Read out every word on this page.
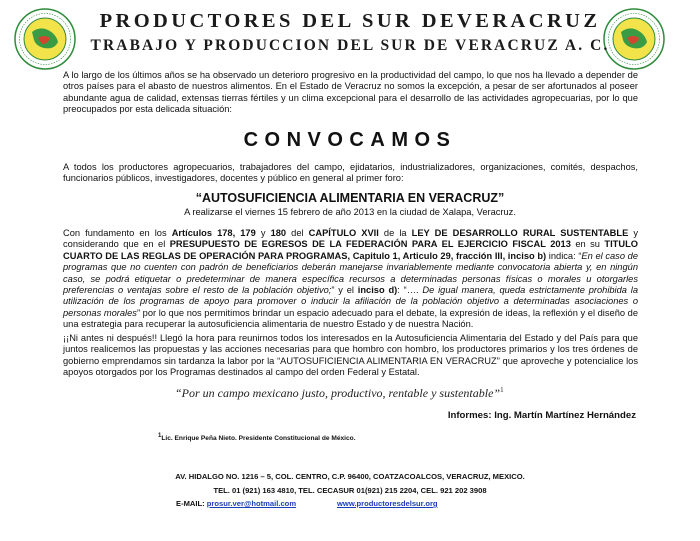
PRODUCTORES DEL SUR DEVERACRUZ
TRABAJO Y PRODUCCION DEL SUR DE VERACRUZ A. C.

A lo largo de los últimos años se ha observado un deterioro progresivo en la productividad del campo, lo que nos ha llevado a depender de otros países para el abasto de nuestros alimentos. En el Estado de Veracruz no somos la excepción, a pesar de ser afortunados al poseer abundante agua de calidad, extensas tierras fértiles y un clima excepcional para el desarrollo de las actividades agropecuarias, por lo que preocupados por esta delicada situación:

CONVOCAMOS

A todos los productores agropecuarios, trabajadores del campo, ejidatarios, industrializadores, organizaciones, comités, despachos, funcionarios públicos, investigadores, docentes y público en general al primer foro:

“AUTOSUFICIENCIA ALIMENTARIA EN VERACRUZ”
A realizarse el viernes 15 febrero de año 2013 en la ciudad de Xalapa, Veracruz.

Con fundamento en los Artículos 178, 179 y 180 del CAPÍTULO XVII de la LEY DE DESARROLLO RURAL SUSTENTABLE y considerando que en el PRESUPUESTO DE EGRESOS DE LA FEDERACIÓN PARA EL EJERCICIO FISCAL 2013 en su TITULO CUARTO DE LAS REGLAS DE OPERACIÓN PARA PROGRAMAS, Capitulo 1, Articulo 29, fracción III, inciso b) indica: “En el caso de programas que no cuenten con padrón de beneficiarios deberán manejarse invariablemente mediante convocatoria abierta y, en ningún caso, se podrá etiquetar o predeterminar de manera específica recursos a determinadas personas físicas o morales u otorgarles preferencias o ventajas sobre el resto de la población objetivo;” y el inciso d): “…. De igual manera, queda estrictamente prohibida la utilización de los programas de apoyo para promover o inducir la afiliación de la población objetivo a determinadas asociaciones o personas morales” por lo que nos permitimos brindar un espacio adecuado para el debate, la expresión de ideas, la reflexión y el diseño de una estrategia para recuperar la autosuficiencia alimentaria de nuestro Estado y de nuestra Nación.

¡¡Ni antes ni después!! Llegó la hora para reunirnos todos los interesados en la Autosuficiencia Alimentaria del Estado y del País para que juntos realicemos las propuestas y las acciones necesarias para que hombro con hombro, los productores primarios y los tres órdenes de gobierno emprendamos sin tardanza la labor por la “AUTOSUFICIENCIA ALIMENTARIA EN VERACRUZ” que aproveche y potencialice los apoyos otorgados por los Programas destinados al campo del orden Federal y Estatal.

“Por un campo mexicano justo, productivo, rentable y sustentable”$^1$
Informes: Ing. Martín Martínez Hernández
$^1$Lic. Enrique Peña Nieto. Presidente Constitucional de México.
AV. HIDALGO NO. 1216 – 5, COL. CENTRO, C.P. 96400, COATZACOALCOS, VERACRUZ, MEXICO.
TEL. 01 (921) 163 4810, TEL. CECASUR 01(921) 215 2204, CEL. 921 202 3908
E-MAIL: prosur.ver@hotmail.com	www.productoresdelsur.org
